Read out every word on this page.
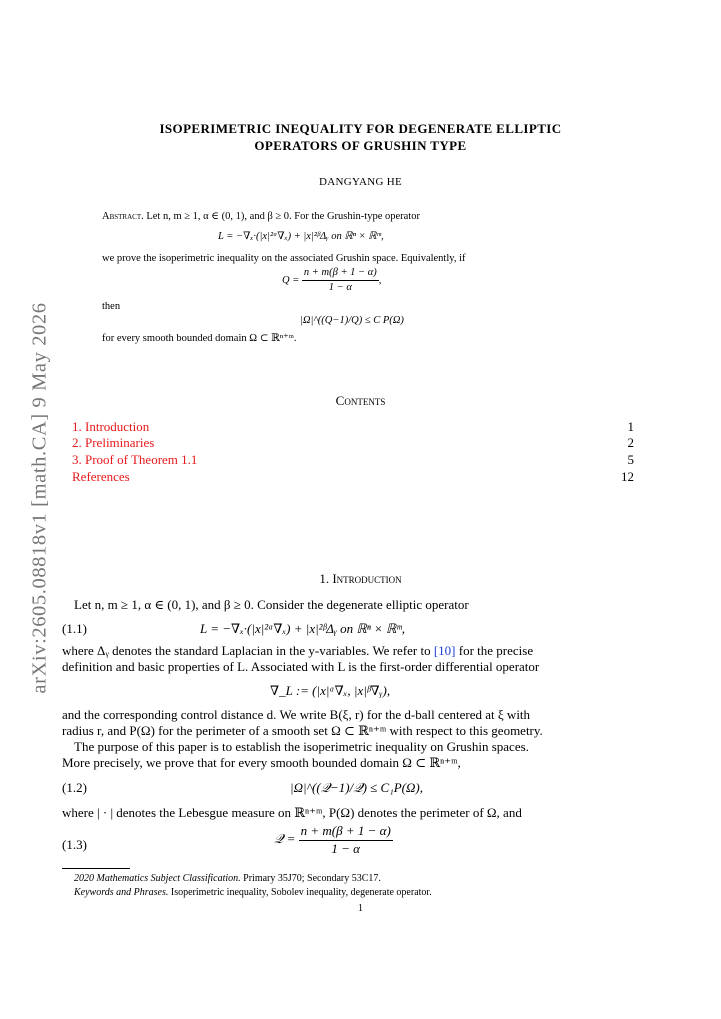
arXiv:2605.08818v1 [math.CA] 9 May 2026
ISOPERIMETRIC INEQUALITY FOR DEGENERATE ELLIPTIC
OPERATORS OF GRUSHIN TYPE
DANGYANG HE
Abstract. Let n, m ≥ 1, α ∈ (0, 1), and β ≥ 0. For the Grushin-type operator
L = −∇ₓ·(|x|²ᵅ∇ₓ) + |x|²ᵝΔᵧ on ℝⁿ × ℝᵐ,
we prove the isoperimetric inequality on the associated Grushin space. Equivalently, if
$Q = \frac{n + m(\beta + 1 - \alpha)}{1 - \alpha}$ ,
then
|Ω|^((Q−1)/Q) ≤ C P(Ω)
for every smooth bounded domain Ω ⊂ ℝⁿ⁺ᵐ.
Contents
1. Introduction	1
2. Preliminaries	2
3. Proof of Theorem 1.1	5
References	12
1. Introduction
Let n, m ≥ 1, α ∈ (0, 1), and β ≥ 0. Consider the degenerate elliptic operator
(1.1)	L = −∇ₓ·(|x|²ᵅ∇ₓ) + |x|²ᵝΔᵧ on ℝⁿ × ℝᵐ,
where Δᵧ denotes the standard Laplacian in the y-variables. We refer to [10] for the precise
definition and basic properties of L. Associated with L is the first-order differential operator
∇_L := (|x|ᵅ∇ₓ, |x|ᵝ∇ᵧ),
and the corresponding control distance d. We write B(ξ, r) for the d-ball centered at ξ with
radius r, and P(Ω) for the perimeter of a smooth set Ω ⊂ ℝⁿ⁺ᵐ with respect to this geometry.
The purpose of this paper is to establish the isoperimetric inequality on Grushin spaces.
More precisely, we prove that for every smooth bounded domain Ω ⊂ ℝⁿ⁺ᵐ,
(1.2)	|Ω|^((𝒬−1)/𝒬) ≤ C₁P(Ω),
where | · | denotes the Lebesgue measure on ℝⁿ⁺ᵐ, P(Ω) denotes the perimeter of Ω, and
(1.3)	𝒬 = $\frac{n + m(\beta + 1 - \alpha)}{1 - \alpha}$
2020 Mathematics Subject Classification. Primary 35J70; Secondary 53C17.
Keywords and Phrases. Isoperimetric inequality, Sobolev inequality, degenerate operator.
1
